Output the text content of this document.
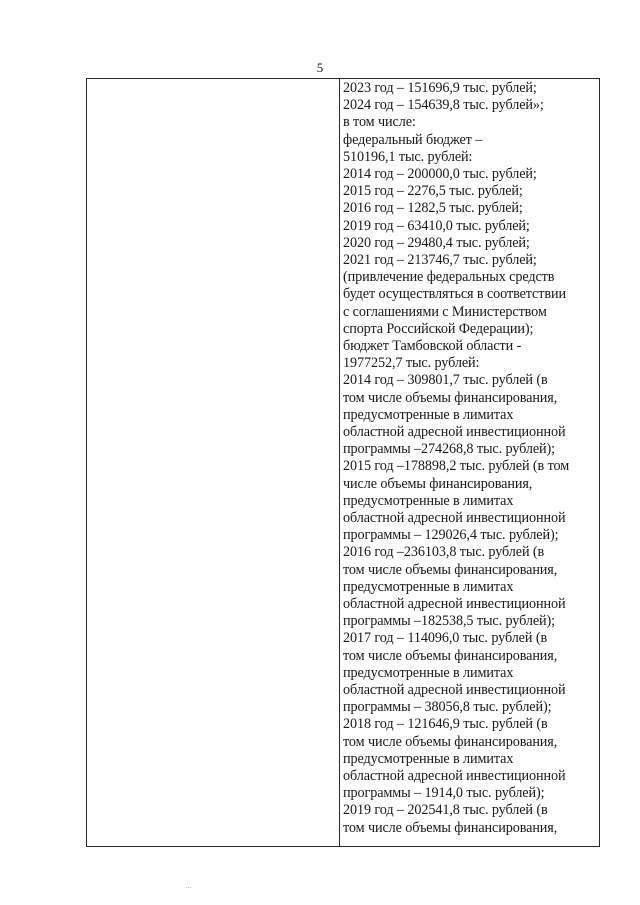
5
2023 год – 151696,9 тыс. рублей;
2024 год – 154639,8 тыс. рублей»;
в том числе:
федеральный бюджет –
510196,1 тыс. рублей:
2014 год – 200000,0 тыс. рублей;
2015 год – 2276,5 тыс. рублей;
2016 год – 1282,5 тыс. рублей;
2019 год – 63410,0 тыс. рублей;
2020 год – 29480,4 тыс. рублей;
2021 год – 213746,7 тыс. рублей;
(привлечение федеральных средств
будет осуществляться в соответствии
с соглашениями с Министерством
спорта Российской Федерации);
бюджет Тамбовской области -
1977252,7 тыс. рублей:
2014 год – 309801,7 тыс. рублей (в
том числе объемы финансирования,
предусмотренные в лимитах
областной адресной инвестиционной
программы –274268,8 тыс. рублей);
2015 год –178898,2 тыс. рублей (в том
числе объемы финансирования,
предусмотренные в лимитах
областной адресной инвестиционной
программы – 129026,4 тыс. рублей);
2016 год –236103,8 тыс. рублей (в
том числе объемы финансирования,
предусмотренные в лимитах
областной адресной инвестиционной
программы –182538,5 тыс. рублей);
2017 год – 114096,0 тыс. рублей (в
том числе объемы финансирования,
предусмотренные в лимитах
областной адресной инвестиционной
программы – 38056,8 тыс. рублей);
2018 год – 121646,9 тыс. рублей (в
том числе объемы финансирования,
предусмотренные в лимитах
областной адресной инвестиционной
программы – 1914,0 тыс. рублей);
2019 год – 202541,8 тыс. рублей (в
том числе объемы финансирования,
...
